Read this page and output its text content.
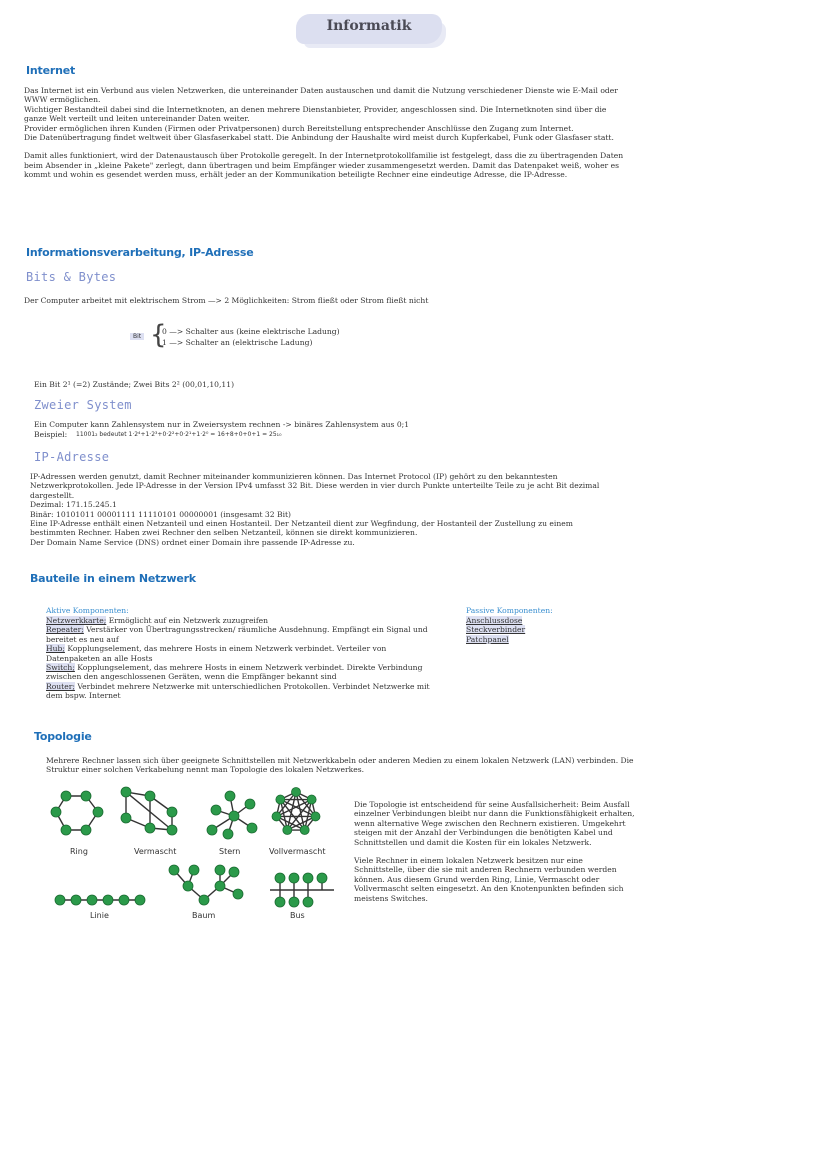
Informatik
Internet

Das Internet ist ein Verbund aus vielen Netzwerken, die untereinander Daten austauschen und damit die Nutzung verschiedener Dienste wie E-Mail oder WWW ermöglichen.

Wichtiger Bestandteil dabei sind die Internetknoten, an denen mehrere Dienstanbieter, Provider, angeschlossen sind. Die Internetknoten sind über die ganze Welt verteilt und leiten untereinander Daten weiter.

Provider ermöglichen ihren Kunden (Firmen oder Privatpersonen) durch Bereitstellung entsprechender Anschlüsse den Zugang zum Internet.

Die Datenübertragung findet weltweit über Glasfaserkabel statt. Die Anbindung der Haushalte wird meist durch Kupferkabel, Funk oder Glasfaser statt.

Damit alles funktioniert, wird der Datenaustausch über Protokolle geregelt. In der Internetprotokollfamilie ist festgelegt, dass die zu übertragenden Daten beim Absender in „kleine Pakete" zerlegt, dann übertragen und beim Empfänger wieder zusammengesetzt werden. Damit das Datenpaket weiß, woher es kommt und wohin es gesendet werden muss, erhält jeder an der Kommunikation beteiligte Rechner eine eindeutige Adresse, die IP-Adresse.

Informationsverarbeitung, IP-Adresse
Bits & Bytes
Der Computer arbeitet mit elektrischem Strom —> 2 Möglichkeiten: Strom fließt oder Strom fließt nicht
Bit {
0 —> Schalter aus (keine elektrische Ladung)
1 —> Schalter an (elektrische Ladung)
Ein Bit 2¹ (=2) Zustände; Zwei Bits 2² (00,01,10,11)
Zweier System
Ein Computer kann Zahlensystem nur in Zweiersystem rechnen -> binäres Zahlensystem aus 0;1
Beispiel: 11001₂ bedeutet 1·2⁴+1·2³+0·2²+0·2¹+1·2⁰ = 16+8+0+0+1 = 25₁₀
IP-Adresse

IP-Adressen werden genutzt, damit Rechner miteinander kommunizieren können. Das Internet Protocol (IP) gehört zu den bekanntesten Netzwerkprotokollen. Jede IP-Adresse in der Version IPv4 umfasst 32 Bit. Diese werden in vier durch Punkte unterteilte Teile zu je acht Bit dezimal dargestellt.

Dezimal: 171.15.245.1

Binär: 10101011 00001111 11110101 00000001 (insgesamt 32 Bit)

Eine IP-Adresse enthält einen Netzanteil und einen Hostanteil. Der Netzanteil dient zur Wegfindung, der Hostanteil der Zustellung zu einem bestimmten Rechner. Haben zwei Rechner den selben Netzanteil, können sie direkt kommunizieren.

Der Domain Name Service (DNS) ordnet einer Domain ihre passende IP-Adresse zu.

Bauteile in einem Netzwerk
Aktive Komponenten:

Netzwerkkarte; Ermöglicht auf ein Netzwerk zuzugreifen

Repeater; Verstärker von Übertragungsstrecken/ räumliche Ausdehnung. Empfängt ein Signal und bereitet es neu auf

Hub; Kopplungselement, das mehrere Hosts in einem Netzwerk verbindet. Verteiler von Datenpaketen an alle Hosts

Switch; Kopplungselement, das mehrere Hosts in einem Netzwerk verbindet. Direkte Verbindung zwischen den angeschlossenen Geräten, wenn die Empfänger bekannt sind

Router; Verbindet mehrere Netzwerke mit unterschiedlichen Protokollen. Verbindet Netzwerke mit dem bspw. Internet

Passive Komponenten:

Anschlussdose

Steckverbinder

Patchpanel

Topologie
Mehrere Rechner lassen sich über geeignete Schnittstellen mit Netzwerkkabeln oder anderen Medien zu einem lokalen Netzwerk (LAN) verbinden. Die Struktur einer solchen Verkabelung nennt man Topologie des lokalen Netzwerkes.
Ring	Vermascht	Stern	Vollvermascht
Linie	Baum	Bus

Die Topologie ist entscheidend für seine Ausfallsicherheit: Beim Ausfall einzelner Verbindungen bleibt nur dann die Funktionsfähigkeit erhalten, wenn alternative Wege zwischen den Rechnern existieren. Umgekehrt steigen mit der Anzahl der Verbindungen die benötigten Kabel und Schnittstellen und damit die Kosten für ein lokales Netzwerk.

Viele Rechner in einem lokalen Netzwerk besitzen nur eine Schnittstelle, über die sie mit anderen Rechnern verbunden werden können. Aus diesem Grund werden Ring, Linie, Vermascht oder Vollvermascht selten eingesetzt. An den Knotenpunkten befinden sich meistens Switches.
